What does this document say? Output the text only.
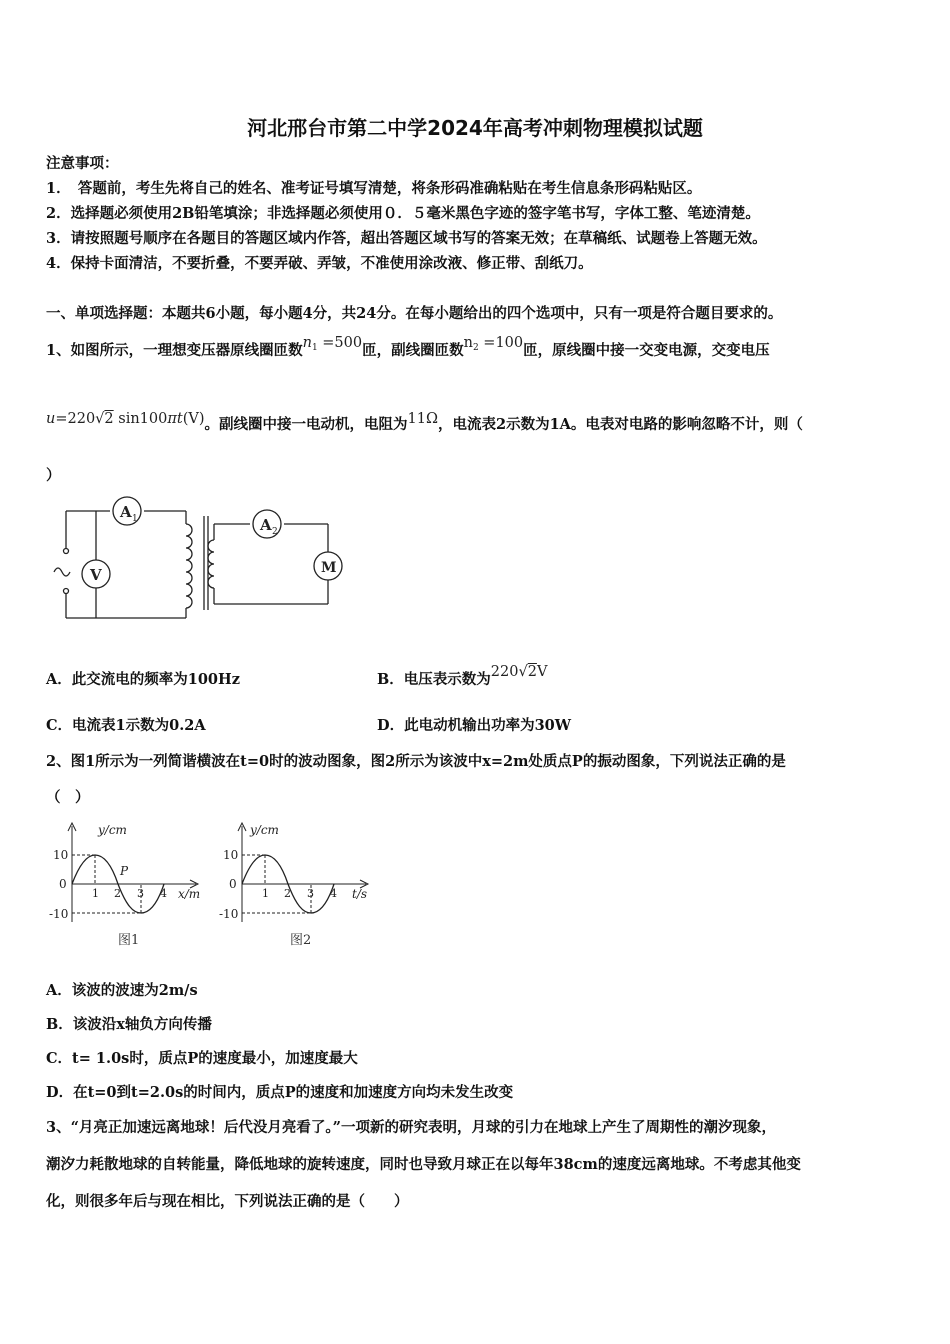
河北邢台市第二中学2024年高考冲刺物理模拟试题
注意事项：
1．　答题前，考生先将自己的姓名、准考证号填写清楚，将条形码准确粘贴在考生信息条形码粘贴区。
2．选择题必须使用2B铅笔填涂；非选择题必须使用０．５毫米黑色字迹的签字笔书写，字体工整、笔迹清楚。
3．请按照题号顺序在各题目的答题区域内作答，超出答题区域书写的答案无效；在草稿纸、试题卷上答题无效。
4．保持卡面清洁，不要折叠，不要弄破、弄皱，不准使用涂改液、修正带、刮纸刀。
一、单项选择题：本题共6小题，每小题4分，共24分。在每小题给出的四个选项中，只有一项是符合题目要求的。
1、如图所示，一理想变压器原线圈匝数$n_1 =500$匝，副线圈匝数$n_2 =100$匝，原线圈中接一交变电源，交变电压
u=220√2 sin100πt(V)。副线圈中接一电动机，电阻为11Ω，电流表2示数为1A。电表对电路的影响忽略不计，则（
）
A 1	A 2
V	M
A．此交流电的频率为100Hz	B．电压表示数为220√2V
C．电流表1示数为0.2A	D．此电动机输出功率为30W
2、图1所示为一列简谐横波在t=0时的波动图象，图2所示为该波中x=2m处质点P的振动图象，下列说法正确的是
（　）
y/cm
10
0
-10
1 2 3 4 x/m
P
图1
y/cm
10
0
-10
1 2 3 4 t/s
图2
A．该波的波速为2m/s
B．该波沿x轴负方向传播
C．t= 1.0s时，质点P的速度最小，加速度最大
D．在t=0到t=2.0s的时间内，质点P的速度和加速度方向均未发生改变
3、“月亮正加速远离地球！后代没月亮看了。”一项新的研究表明，月球的引力在地球上产生了周期性的潮汐现象，
潮汐力耗散地球的自转能量，降低地球的旋转速度，同时也导致月球正在以每年38cm的速度远离地球。不考虑其他变
化，则很多年后与现在相比，下列说法正确的是（　　）
